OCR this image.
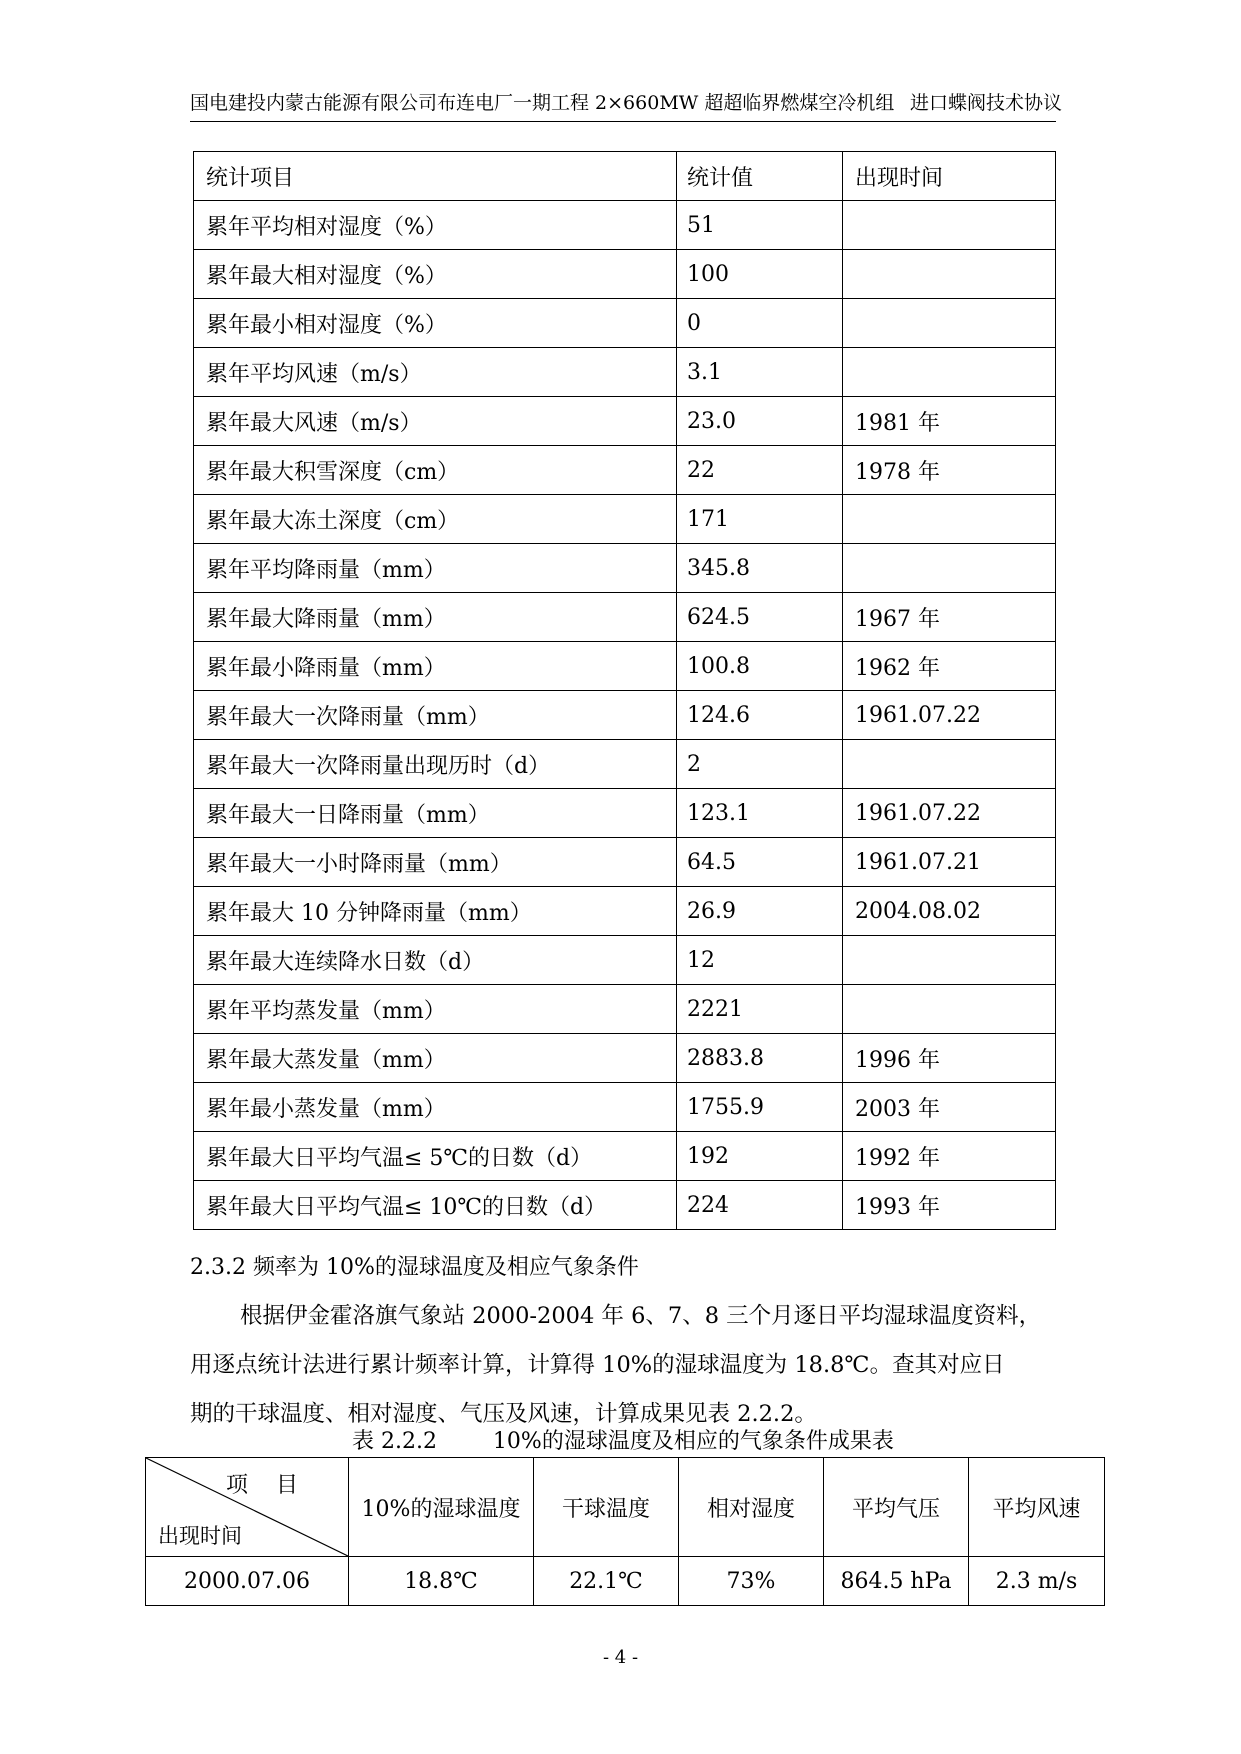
国电建投内蒙古能源有限公司布连电厂一期工程 2×660MW 超超临界燃煤空冷机组 进口蝶阀技术协议
统计项目	统计值	出现时间
累年平均相对湿度（%）	51	
累年最大相对湿度（%）	100	
累年最小相对湿度（%）	0	
累年平均风速（m/s）	3.1	
累年最大风速（m/s）	23.0	1981 年
累年最大积雪深度（cm）	22	1978 年
累年最大冻土深度（cm）	171	
累年平均降雨量（mm）	345.8	
累年最大降雨量（mm）	624.5	1967 年
累年最小降雨量（mm）	100.8	1962 年
累年最大一次降雨量（mm）	124.6	1961.07.22
累年最大一次降雨量出现历时（d）	2	
累年最大一日降雨量（mm）	123.1	1961.07.22
累年最大一小时降雨量（mm）	64.5	1961.07.21
累年最大 10 分钟降雨量（mm）	26.9	2004.08.02
累年最大连续降水日数（d）	12	
累年平均蒸发量（mm）	2221	
累年最大蒸发量（mm）	2883.8	1996 年
累年最小蒸发量（mm）	1755.9	2003 年
累年最大日平均气温≤ 5℃的日数（d）	192	1992 年
累年最大日平均气温≤ 10℃的日数（d）	224	1993 年
2.3.2 频率为 10%的湿球温度及相应气象条件
根据伊金霍洛旗气象站 2000-2004 年 6、7、8 三个月逐日平均湿球温度资料，
用逐点统计法进行累计频率计算，计算得 10%的湿球温度为 18.8℃。查其对应日
期的干球温度、相对湿度、气压及风速，计算成果见表 2.2.2。
表 2.2.2        10%的湿球温度及相应的气象条件成果表
项    目
出现时间	10%的湿球温度	干球温度	相对湿度	平均气压	平均风速
2000.07.06	18.8℃	22.1℃	73%	864.5 hPa	2.3 m/s
- 4 -
